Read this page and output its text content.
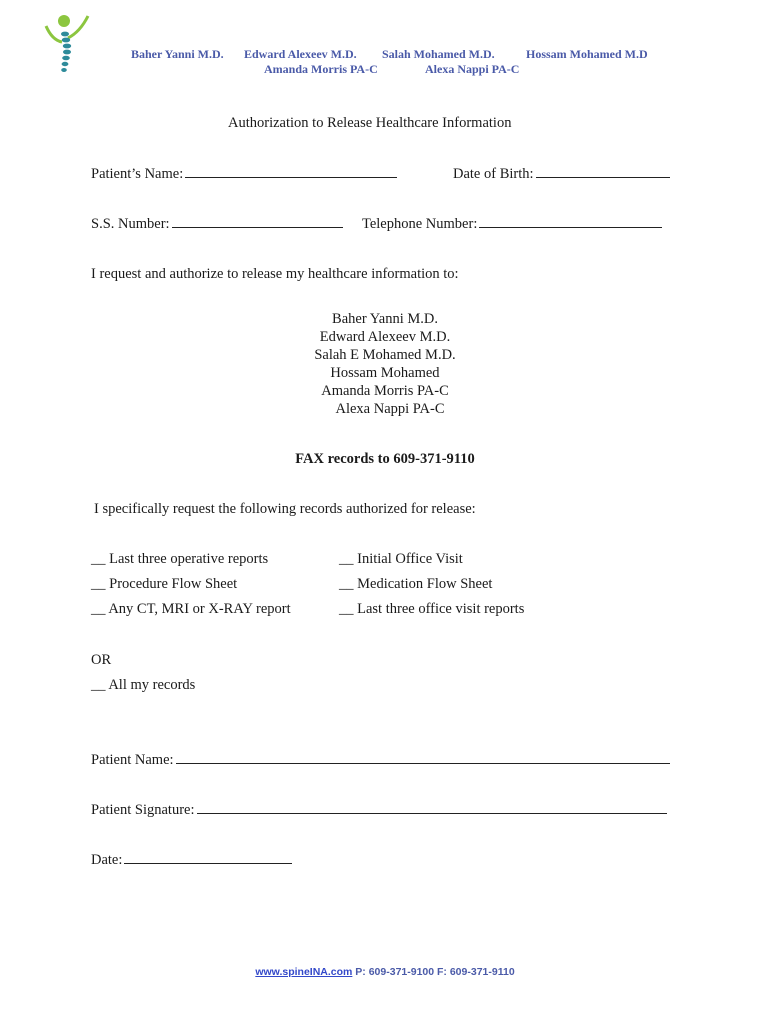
Baher Yanni M.D. Edward Alexeev M.D. Salah Mohamed M.D.	Hossam Mohamed M.D
Amanda Morris PA-C	Alexa Nappi PA-C
Authorization to Release Healthcare Information
Patient’s Name:	Date of Birth:
S.S. Number:	Telephone Number:
I request and authorize to release my healthcare information to:
Baher Yanni M.D.
Edward Alexeev M.D.
Salah E Mohamed M.D.
Hossam Mohamed
Amanda Morris PA-C
Alexa Nappi PA-C
FAX records to 609-371-9110
I specifically request the following records authorized for release:
__ Last three operative reports
__ Procedure Flow Sheet
__ Any CT, MRI or X-RAY report
__ Initial Office Visit
__ Medication Flow Sheet
__ Last three office visit reports
OR
__ All my records
Patient Name:
Patient Signature:
Date:
www.spineINA.com P: 609-371-9100 F: 609-371-9110
